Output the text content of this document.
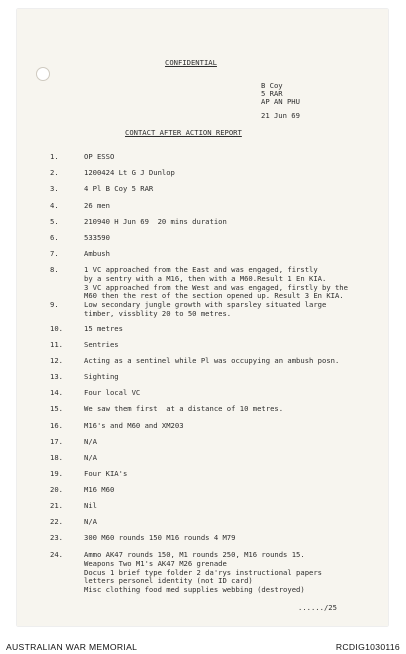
CONFIDENTIAL
B Coy
5 RAR
AP AN PHU
21 Jun 69
CONTACT AFTER ACTION REPORT
1.	OP ESSO
2.	1200424 Lt G J Dunlop
3.	4 Pl B Coy 5 RAR
4.	26 men
5.	210940 H Jun 69  20 mins duration
6.	533590
7.	Ambush
8.	1 VC approached from the East and was engaged, firstly
by a sentry with a M16, then with a M60.Result 1 En KIA.
3 VC approached from the West and was engaged, firstly by the
M60 then the rest of the section opened up. Result 3 En KIA.
9.	Low secondary jungle growth with sparsley situated large
timber, vissblity 20 to 50 metres.
10.	15 metres
11.	Sentries
12.	Acting as a sentinel while Pl was occupying an ambush posn.
13.	Sighting
14.	Four local VC
15.	We saw them first  at a distance of 10 metres.
16.	M16's and M60 and XM203
17.	N/A
18.	N/A
19.	Four KIA's
20.	M16 M60
21.	Nil
22.	N/A
23.	300 M60 rounds 150 M16 rounds 4 M79
24.	Ammo AK47 rounds 150, M1 rounds 250, M16 rounds 15.
Weapons Two M1's AK47 M26 grenade
Docus 1 brief type folder 2 da'rys instructional papers
letters personel identity (not ID card)
Misc clothing food med supplies webbing (destroyed)
....../25
AUSTRALIAN WAR MEMORIAL	RCDIG1030116
